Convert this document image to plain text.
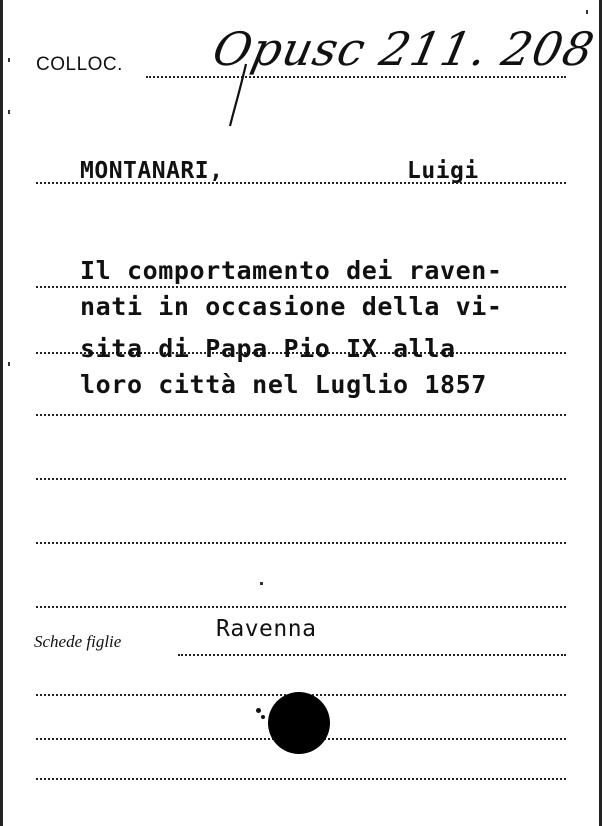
COLLOC. Opusc 211. 208
MONTANARI,	Luigi
Il comportamento dei raven-
nati in occasione della vi-
sita di Papa Pio IX alla
loro città nel Luglio 1857
Schede figlie	Ravenna
